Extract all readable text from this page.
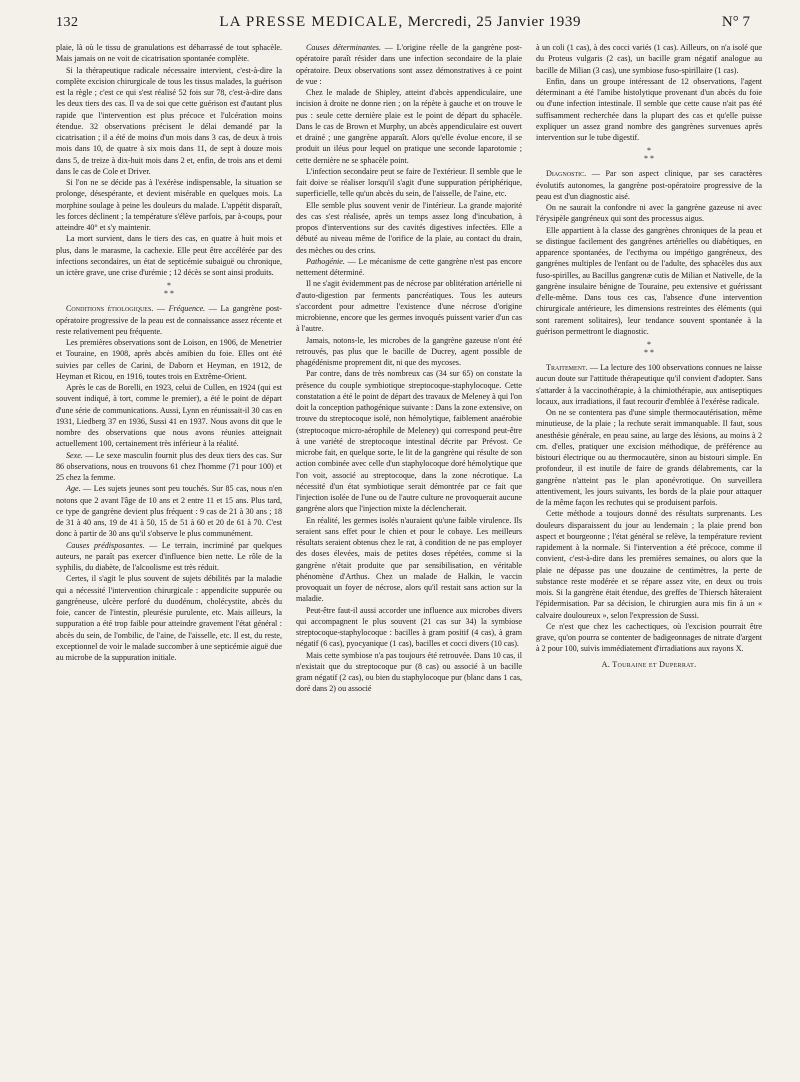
132	LA PRESSE MEDICALE, Mercredi, 25 Janvier 1939	N° 7

plaie, là où le tissu de granulations est débarrassé de tout sphacèle. Mais jamais on ne voit de cicatrisation spontanée complète.

Si la thérapeutique radicale nécessaire intervient, c'est-à-dire la complète excision chirurgicale de tous les tissus malades, la guérison est la règle ; c'est ce qui s'est réalisé 52 fois sur 78, c'est-à-dire dans les deux tiers des cas. Il va de soi que cette guérison est d'autant plus rapide que l'intervention est plus précoce et l'ulcération moins étendue. 32 observations précisent le délai demandé par la cicatrisation ; il a été de moins d'un mois dans 3 cas, de deux à trois mois dans 10, de quatre à six mois dans 11, de sept à douze mois dans 5, de treize à dix-huit mois dans 2 et, enfin, de trois ans et demi dans le cas de Cole et Driver.

Si l'on ne se décide pas à l'exérèse indispensable, la situation se prolonge, désespérante, et devient misérable en quelques mois. La morphine soulage à peine les douleurs du malade. L'appétit disparaît, les forces déclinent ; la température s'élève parfois, par à-coups, pour atteindre 40° et s'y maintenir.

La mort survient, dans le tiers des cas, en quatre à huit mois et plus, dans le marasme, la cachexie. Elle peut être accélérée par des infections secondaires, un état de septicémie subaiguë ou chronique, un ictère grave, une crise d'urémie ; 12 décès se sont ainsi produits.

*
* *

Conditions étiologiques. — Fréquence. — La gangrène post-opératoire progressive de la peau est de connaissance assez récente et reste relativement peu fréquente.

Les premières observations sont de Loison, en 1906, de Menetrier et Touraine, en 1908, après abcès amibien du foie. Elles ont été suivies par celles de Carini, de Daborn et Heyman, en 1912, de Heyman et Ricou, en 1916, toutes trois en Extrême-Orient.

Après le cas de Borelli, en 1923, celui de Cullen, en 1924 (qui est souvent indiqué, à tort, comme le premier), a été le point de départ d'une série de communications. Aussi, Lynn en réunissait-il 30 cas en 1931, Liedberg 37 en 1936, Sussi 41 en 1937. Nous avons dit que le nombre des observations que nous avons réunies atteignait actuellement 100, certainement très inférieur à la réalité.

Sexe. — Le sexe masculin fournit plus des deux tiers des cas. Sur 86 observations, nous en trouvons 61 chez l'homme (71 pour 100) et 25 chez la femme.

Age. — Les sujets jeunes sont peu touchés. Sur 85 cas, nous n'en notons que 2 avant l'âge de 10 ans et 2 entre 11 et 15 ans. Plus tard, ce type de gangrène devient plus fréquent : 9 cas de 21 à 30 ans ; 18 de 31 à 40 ans, 19 de 41 à 50, 15 de 51 à 60 et 20 de 61 à 70. C'est donc à partir de 30 ans qu'il s'observe le plus communément.

Causes prédisposantes. — Le terrain, incriminé par quelques auteurs, ne paraît pas exercer d'influence bien nette. Le rôle de la syphilis, du diabète, de l'alcoolisme est très réduit.

Certes, il s'agit le plus souvent de sujets débilités par la maladie qui a nécessité l'intervention chirurgicale : appendicite suppurée ou gangréneuse, ulcère perforé du duodénum, cholécystite, abcès du foie, cancer de l'intestin, pleurésie purulente, etc. Mais ailleurs, la suppuration a été trop faible pour atteindre gravement l'état général : abcès du sein, de l'ombilic, de l'aine, de l'aisselle, etc. Il est, du reste, exceptionnel de voir le malade succomber à une septicémie aiguë due au microbe de la suppuration initiale.

Causes déterminantes. — L'origine réelle de la gangrène post-opératoire paraît résider dans une infection secondaire de la plaie opératoire. Deux observations sont assez démonstratives à ce point de vue :

Chez le malade de Shipley, atteint d'abcès appendiculaire, une incision à droite ne donne rien ; on la répète à gauche et on trouve le pus : seule cette dernière plaie est le point de départ du sphacèle. Dans le cas de Brown et Murphy, un abcès appendiculaire est ouvert et drainé ; une gangrène apparaît. Alors qu'elle évolue encore, il se produit un iléus pour lequel on pratique une seconde laparotomie ; cette dernière ne se sphacèle point.

L'infection secondaire peut se faire de l'extérieur. Il semble que le fait doive se réaliser lorsqu'il s'agit d'une suppuration périphérique, superficielle, telle qu'un abcès du sein, de l'aisselle, de l'aine, etc.

Elle semble plus souvent venir de l'intérieur. La grande majorité des cas s'est réalisée, après un temps assez long d'incubation, à propos d'interventions sur des cavités digestives infectées. Elle a débuté au niveau même de l'orifice de la plaie, au contact du drain, des mèches ou des crins.

Pathogénie. — Le mécanisme de cette gangrène n'est pas encore nettement déterminé.

Il ne s'agit évidemment pas de nécrose par oblitération artérielle ni d'auto-digestion par ferments pancréatiques. Tous les auteurs s'accordent pour admettre l'existence d'une nécrose d'origine microbienne, encore que les germes invoqués puissent varier d'un cas à l'autre.

Jamais, notons-le, les microbes de la gangrène gazeuse n'ont été retrouvés, pas plus que le bacille de Ducrey, agent possible de phagédénisme proprement dit, ni que des mycoses.

Par contre, dans de très nombreux cas (34 sur 65) on constate la présence du couple symbiotique streptocoque-staphylocoque. Cette constatation a été le point de départ des travaux de Meleney à qui l'on doit la conception pathogénique suivante : Dans la zone extensive, on trouve du streptocoque isolé, non hémolytique, faiblement anaérobie (streptocoque micro-aérophile de Meleney) qui correspond peut-être à une variété de streptocoque intestinal décrite par Prévost. Ce microbe fait, en quelque sorte, le lit de la gangrène qui résulte de son action combinée avec celle d'un staphylocoque doré hémolytique que l'on voit, associé au streptocoque, dans la zone nécrotique. La nécessité d'un état symbiotique serait démontrée par ce fait que l'injection isolée de l'une ou de l'autre culture ne provoquerait aucune gangrène alors que l'injection mixte la déclencherait.

En réalité, les germes isolés n'auraient qu'une faible virulence. Ils seraient sans effet pour le chien et pour le cobaye. Les meilleurs résultats seraient obtenus chez le rat, à condition de ne pas employer des doses élevées, mais de petites doses répétées, comme si la gangrène n'était produite que par sensibilisation, en véritable phénomène d'Arthus. Chez un malade de Halkin, le vaccin provoquait un foyer de nécrose, alors qu'il restait sans action sur la maladie.

Peut-être faut-il aussi accorder une influence aux microbes divers qui accompagnent le plus souvent (21 cas sur 34) la symbiose streptocoque-staphylocoque : bacilles à gram positif (4 cas), à gram négatif (6 cas), pyocyanique (1 cas), bacilles et cocci divers (10 cas).

Mais cette symbiose n'a pas toujours été retrouvée. Dans 10 cas, il n'existait que du streptocoque pur (8 cas) ou associé à un bacille gram négatif (2 cas), ou bien du staphylocoque pur (blanc dans 1 cas, doré dans 2) ou associé

à un coli (1 cas), à des cocci variés (1 cas). Ailleurs, on n'a isolé que du Proteus vulgaris (2 cas), un bacille gram négatif analogue au bacille de Milian (3 cas), une symbiose fuso-spirillaire (1 cas).

Enfin, dans un groupe intéressant de 12 observations, l'agent déterminant a été l'amibe histolytique provenant d'un abcès du foie ou d'une infection intestinale. Il semble que cette cause n'ait pas été suffisamment recherchée dans la plupart des cas et qu'elle puisse expliquer un assez grand nombre des gangrènes survenues après intervention sur le tube digestif.

*
* *

Diagnostic. — Par son aspect clinique, par ses caractères évolutifs autonomes, la gangrène post-opératoire progressive de la peau est d'un diagnostic aisé.

On ne saurait la confondre ni avec la gangrène gazeuse ni avec l'érysipèle gangréneux qui sont des processus aigus.

Elle appartient à la classe des gangrènes chroniques de la peau et se distingue facilement des gangrènes artérielles ou diabétiques, en apparence spontanées, de l'ecthyma ou impétigo gangréneux, des gangrènes multiples de l'enfant ou de l'adulte, des sphacèles dus aux fuso-spirilles, au Bacillus gangrenæ cutis de Milian et Nativelle, de la gangrène insulaire bénigne de Touraine, peu extensive et guérissant d'elle-même. Dans tous ces cas, l'absence d'une intervention chirurgicale antérieure, les dimensions restreintes des éléments (qui sont rarement solitaires), leur tendance souvent spontanée à la guérison permettront le diagnostic.

*
* *

Traitement. — La lecture des 100 observations connues ne laisse aucun doute sur l'attitude thérapeutique qu'il convient d'adopter. Sans s'attarder à la vaccinothérapie, à la chimiothérapie, aux antiseptiques locaux, aux irradiations, il faut recourir d'emblée à l'exérèse radicale.

On ne se contentera pas d'une simple thermocautérisation, même minutieuse, de la plaie ; la rechute serait immanquable. Il faut, sous anesthésie générale, en peau saine, au large des lésions, au moins à 2 cm. d'elles, pratiquer une excision méthodique, de préférence au bistouri électrique ou au thermocautère, sinon au bistouri simple. En profondeur, il est inutile de faire de grands délabrements, car la gangrène n'atteint pas le plan aponévrotique. On surveillera attentivement, les jours suivants, les bords de la plaie pour attaquer de la même façon les rechutes qui se produisent parfois.

Cette méthode a toujours donné des résultats surprenants. Les douleurs disparaissent du jour au lendemain ; la plaie prend bon aspect et bourgeonne ; l'état général se relève, la température revient rapidement à la normale. Si l'intervention a été précoce, comme il convient, c'est-à-dire dans les premières semaines, ou alors que la plaie ne dépasse pas une douzaine de centimètres, la perte de substance reste modérée et se répare assez vite, en deux ou trois mois. Si la gangrène était étendue, des greffes de Thiersch hâteraient l'épidermisation. Par sa décision, le chirurgien aura mis fin à un « calvaire douloureux », selon l'expression de Sussi.

Ce n'est que chez les cachectiques, où l'excision pourrait être grave, qu'on pourra se contenter de badigeonnages de nitrate d'argent à 2 pour 100, suivis immédiatement d'irradiations aux rayons X.

A. Touraine et Duperrat.
